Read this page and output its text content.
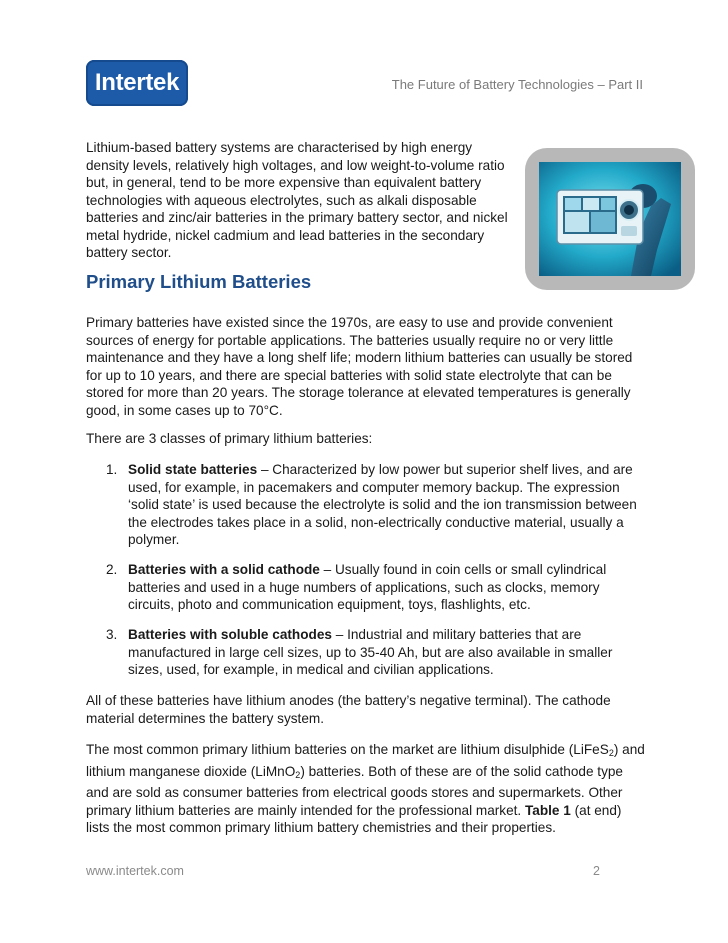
Intertek	The Future of Battery Technologies – Part II

Lithium-based battery systems are characterised by high energy density levels, relatively high voltages, and low weight-to-volume ratio but, in general, tend to be more expensive than equivalent battery technologies with aqueous electrolytes, such as alkali disposable batteries and zinc/air batteries in the primary battery sector, and nickel metal hydride, nickel cadmium and lead batteries in the secondary battery sector.

Primary Lithium Batteries

Primary batteries have existed since the 1970s, are easy to use and provide convenient sources of energy for portable applications. The batteries usually require no or very little maintenance and they have a long shelf life; modern lithium batteries can usually be stored for up to 10 years, and there are special batteries with solid state electrolyte that can be stored for more than 20 years. The storage tolerance at elevated temperatures is generally good, in some cases up to 70°C.

There are 3 classes of primary lithium batteries:

1. Solid state batteries – Characterized by low power but superior shelf lives, and are used, for example, in pacemakers and computer memory backup. The expression ‘solid state’ is used because the electrolyte is solid and the ion transmission between the electrodes takes place in a solid, non-electrically conductive material, usually a polymer.
2. Batteries with a solid cathode – Usually found in coin cells or small cylindrical batteries and used in a huge numbers of applications, such as clocks, memory circuits, photo and communication equipment, toys, flashlights, etc.
3. Batteries with soluble cathodes – Industrial and military batteries that are manufactured in large cell sizes, up to 35-40 Ah, but are also available in smaller sizes, used, for example, in medical and civilian applications.

All of these batteries have lithium anodes (the battery’s negative terminal). The cathode material determines the battery system.

The most common primary lithium batteries on the market are lithium disulphide (LiFeS$_2$) and lithium manganese dioxide (LiMnO$_2$) batteries. Both of these are of the solid cathode type and are sold as consumer batteries from electrical goods stores and supermarkets. Other primary lithium batteries are mainly intended for the professional market. Table 1 (at end) lists the most common primary lithium battery chemistries and their properties.

www.intertek.com	2
